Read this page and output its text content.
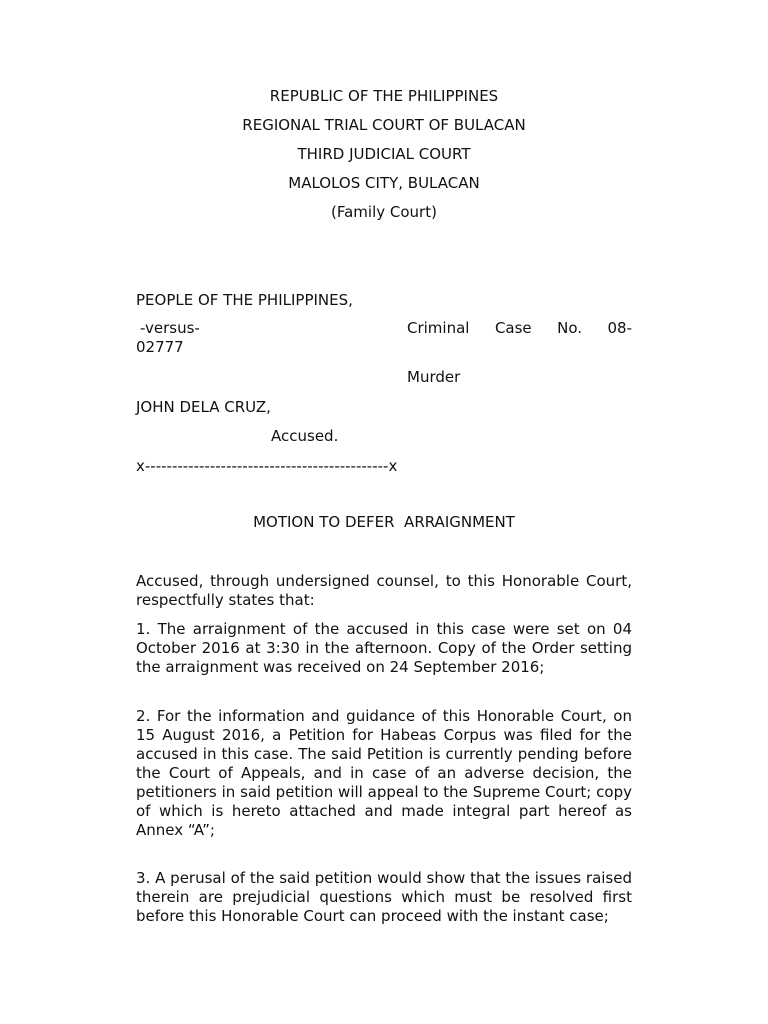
REPUBLIC OF THE PHILIPPINES
REGIONAL TRIAL COURT OF BULACAN
THIRD JUDICIAL COURT
MALOLOS CITY, BULACAN
(Family Court)
PEOPLE OF THE PHILIPPINES,
-versus-	Criminal Case No. 08-
02777
Murder
JOHN DELA CRUZ,
Accused.
x---------------------------------------------x
MOTION TO DEFER  ARRAIGNMENT
Accused, through undersigned counsel, to this Honorable Court, respectfully states that:
1. The arraignment of the accused in this case were set on 04 October 2016 at 3:30 in the afternoon. Copy of the Order setting the arraignment was received on 24 September 2016;
2. For the information and guidance of this Honorable Court, on 15 August 2016, a Petition for Habeas Corpus was filed for the accused in this case. The said Petition is currently pending before the Court of Appeals, and in case of an adverse decision, the petitioners in said petition will appeal to the Supreme Court; copy of which is hereto attached and made integral part hereof as Annex “A”;
3. A perusal of the said petition would show that the issues raised therein are prejudicial questions which must be resolved first before this Honorable Court can proceed with the instant case;
